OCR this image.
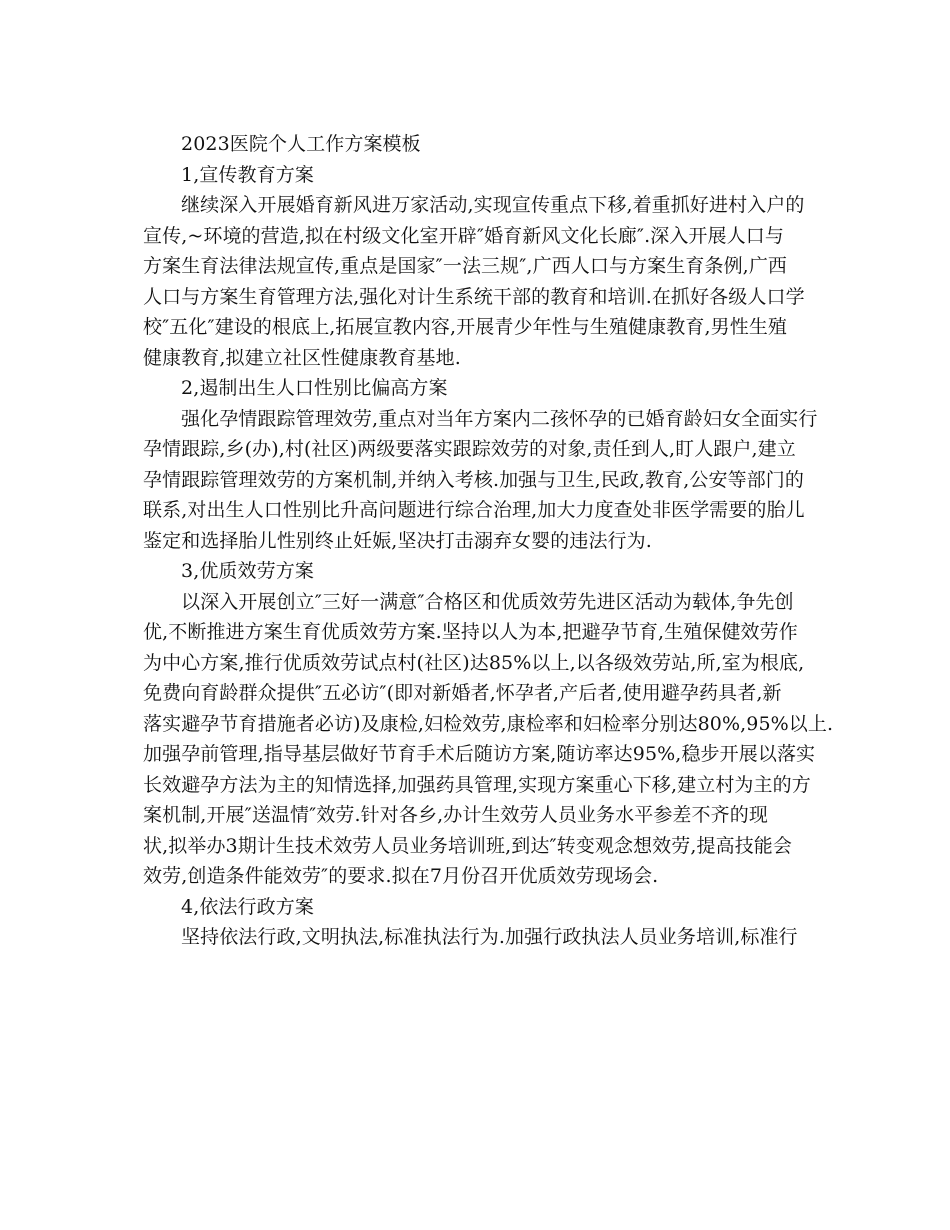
2023医院个人工作方案模板
1,宣传教育方案
继续深入开展婚育新风进万家活动,实现宣传重点下移,着重抓好进村入户的
宣传,~环境的营造,拟在村级文化室开辟″婚育新风文化长廊″.深入开展人口与
方案生育法律法规宣传,重点是国家″一法三规″,广西人口与方案生育条例,广西
人口与方案生育管理方法,强化对计生系统干部的教育和培训.在抓好各级人口学
校″五化″建设的根底上,拓展宣教内容,开展青少年性与生殖健康教育,男性生殖
健康教育,拟建立社区性健康教育基地.
2,遏制出生人口性别比偏高方案
强化孕情跟踪管理效劳,重点对当年方案内二孩怀孕的已婚育龄妇女全面实行
孕情跟踪,乡(办),村(社区)两级要落实跟踪效劳的对象,责任到人,盯人跟户,建立
孕情跟踪管理效劳的方案机制,并纳入考核.加强与卫生,民政,教育,公安等部门的
联系,对出生人口性别比升高问题进行综合治理,加大力度查处非医学需要的胎儿
鉴定和选择胎儿性别终止妊娠,坚决打击溺弃女婴的违法行为.
3,优质效劳方案
以深入开展创立″三好一满意″合格区和优质效劳先进区活动为载体,争先创
优,不断推进方案生育优质效劳方案.坚持以人为本,把避孕节育,生殖保健效劳作
为中心方案,推行优质效劳试点村(社区)达85%以上,以各级效劳站,所,室为根底,
免费向育龄群众提供″五必访″(即对新婚者,怀孕者,产后者,使用避孕药具者,新
落实避孕节育措施者必访)及康检,妇检效劳,康检率和妇检率分别达80%,95%以上.
加强孕前管理,指导基层做好节育手术后随访方案,随访率达95%,稳步开展以落实
长效避孕方法为主的知情选择,加强药具管理,实现方案重心下移,建立村为主的方
案机制,开展″送温情″效劳.针对各乡,办计生效劳人员业务水平参差不齐的现
状,拟举办3期计生技术效劳人员业务培训班,到达″转变观念想效劳,提高技能会
效劳,创造条件能效劳″的要求.拟在7月份召开优质效劳现场会.
4,依法行政方案
坚持依法行政,文明执法,标准执法行为.加强行政执法人员业务培训,标准行
